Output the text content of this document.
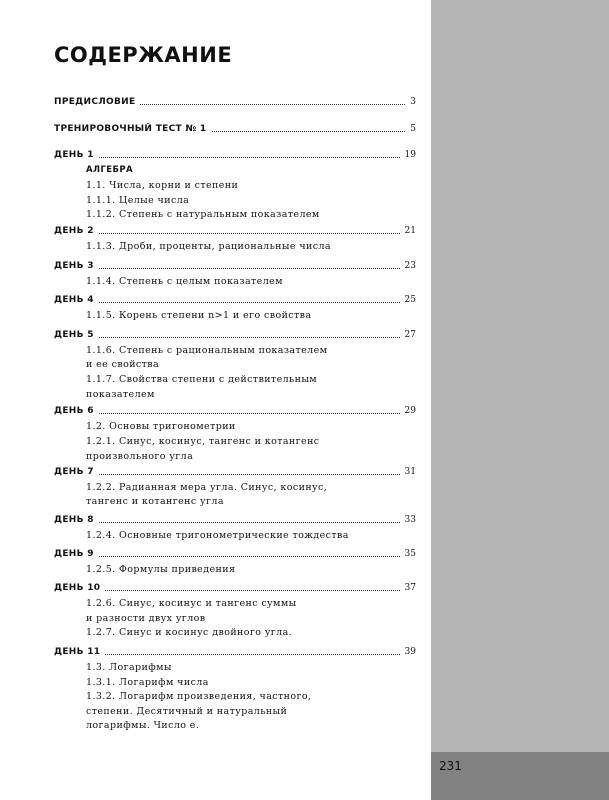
231
СОДЕРЖАНИЕ
ПРЕДИСЛОВИЕ	3
ТРЕНИРОВОЧНЫЙ ТЕСТ № 1	5
ДЕНЬ 1	19
АЛГЕБРА
1.1. Числа, корни и степени
1.1.1. Целые числа
1.1.2. Степень с натуральным показателем
ДЕНЬ 2	21
1.1.3. Дроби, проценты, рациональные числа
ДЕНЬ 3	23
1.1.4. Степень с целым показателем
ДЕНЬ 4	25
1.1.5. Корень степени n>1 и его свойства
ДЕНЬ 5	27
1.1.6. Степень с рациональным показателем
и ее свойства
1.1.7. Свойства степени с действительным
показателем
ДЕНЬ 6	29
1.2. Основы тригонометрии
1.2.1. Синус, косинус, тангенс и котангенс
произвольного угла
ДЕНЬ 7	31
1.2.2. Радианная мера угла. Синус, косинус,
тангенс и котангенс угла
ДЕНЬ 8	33
1.2.4. Основные тригонометрические тождества
ДЕНЬ 9	35
1.2.5. Формулы приведения
ДЕНЬ 10	37
1.2.6. Синус, косинус и тангенс суммы
и разности двух углов
1.2.7. Синус и косинус двойного угла.
ДЕНЬ 11	39
1.3. Логарифмы
1.3.1. Логарифм числа
1.3.2. Логарифм произведения, частного,
степени. Десятичный и натуральный
логарифмы. Число e.
